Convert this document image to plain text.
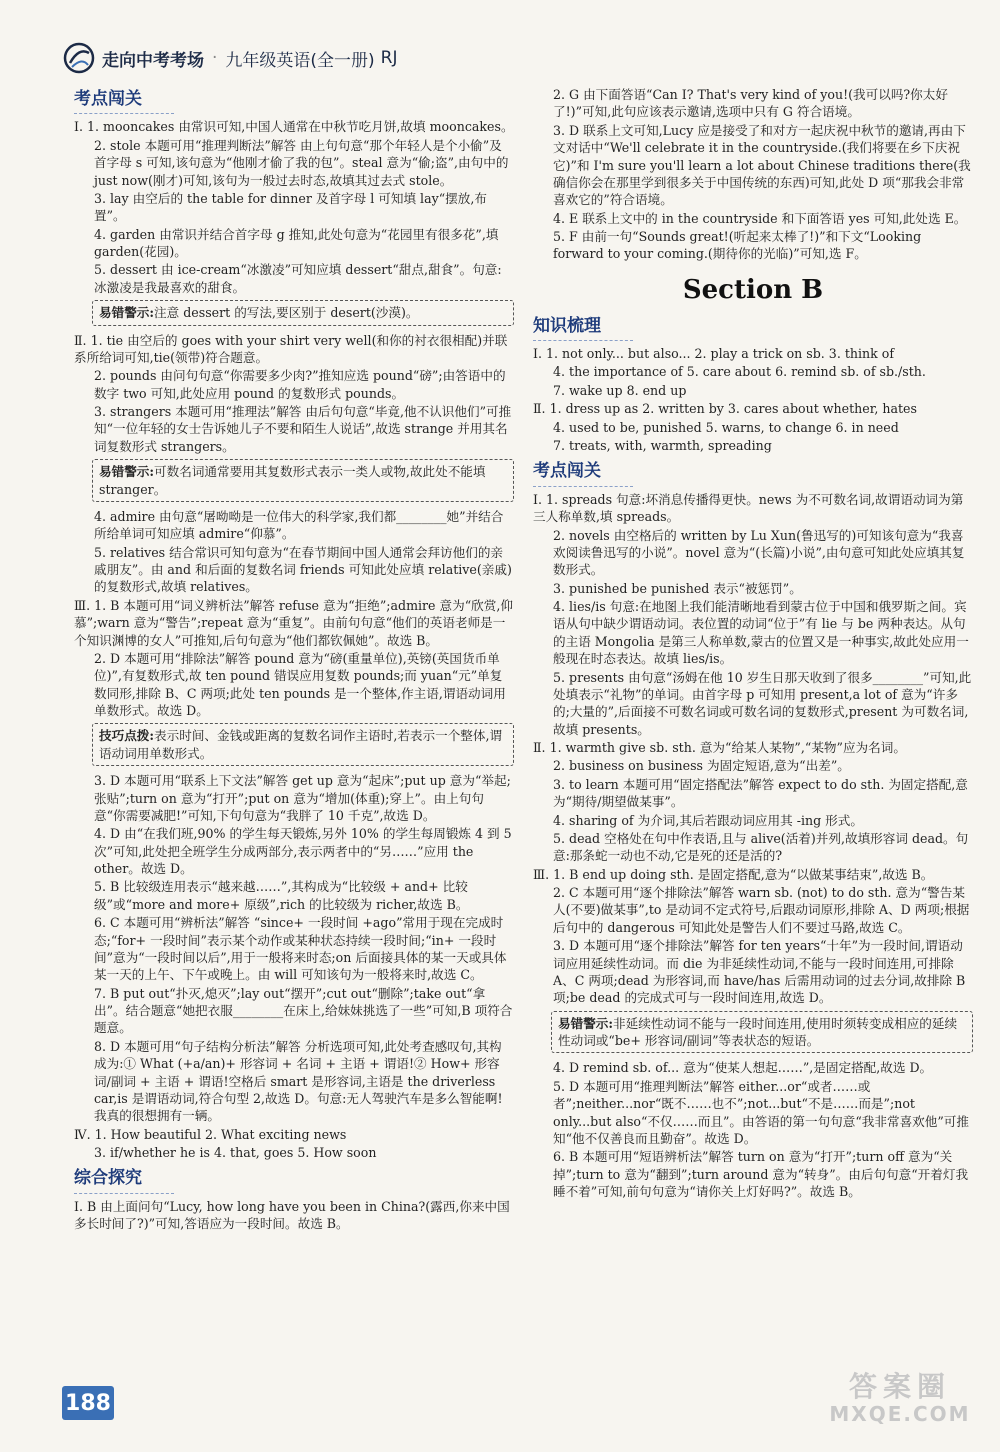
走向中考考场 · 九年级英语(全一册) RJ
考点闯关
Ⅰ. 1. mooncakes 由常识可知,中国人通常在中秋节吃月饼,故填 mooncakes。
2. stole 本题可用“推理判断法”解答 由上句句意“那个年轻人是个小偷”及首字母 s 可知,该句意为“他刚才偷了我的包”。steal 意为“偷;盗”,由句中的 just now(刚才)可知,该句为一般过去时态,故填其过去式 stole。
3. lay 由空后的 the table for dinner 及首字母 l 可知填 lay“摆放,布置”。
4. garden 由常识并结合首字母 g 推知,此处句意为“花园里有很多花”,填 garden(花园)。
5. dessert 由 ice-cream“冰激凌”可知应填 dessert“甜点,甜食”。句意:冰激凌是我最喜欢的甜食。
易错警示:注意 dessert 的写法,要区别于 desert(沙漠)。
Ⅱ. 1. tie 由空后的 goes with your shirt very well(和你的衬衣很相配)并联系所给词可知,tie(领带)符合题意。
2. pounds 由问句句意“你需要多少肉?”推知应选 pound“磅”;由答语中的数字 two 可知,此处应用 pound 的复数形式 pounds。
3. strangers 本题可用“推理法”解答 由后句句意“毕竟,他不认识他们”可推知“一位年轻的女士告诉她儿子不要和陌生人说话”,故选 strange 并用其名词复数形式 strangers。
易错警示:可数名词通常要用其复数形式表示一类人或物,故此处不能填 stranger。
4. admire 由句意“屠呦呦是一位伟大的科学家,我们都________她”并结合所给单词可知应填 admire“仰慕”。
5. relatives 结合常识可知句意为“在春节期间中国人通常会拜访他们的亲戚朋友”。由 and 和后面的复数名词 friends 可知此处应填 relative(亲戚)的复数形式,故填 relatives。
Ⅲ. 1. B 本题可用“词义辨析法”解答 refuse 意为“拒绝”;admire 意为“欣赏,仰慕”;warn 意为“警告”;repeat 意为“重复”。由前句句意“他们的英语老师是一个知识渊博的女人”可推知,后句句意为“他们都钦佩她”。故选 B。
2. D 本题可用“排除法”解答 pound 意为“磅(重量单位),英镑(英国货币单位)”,有复数形式,故 ten pound 错误应用复数 pounds;而 yuan“元”单复数同形,排除 B、C 两项;此处 ten pounds 是一个整体,作主语,谓语动词用单数形式。故选 D。
技巧点拨:表示时间、金钱或距离的复数名词作主语时,若表示一个整体,谓语动词用单数形式。
3. D 本题可用“联系上下文法”解答 get up 意为“起床”;put up 意为“举起;张贴”;turn on 意为“打开”;put on 意为“增加(体重);穿上”。由上句句意“你需要减肥!”可知,下句句意为“我胖了 10 千克”,故选 D。
4. D 由“在我们班,90% 的学生每天锻炼,另外 10% 的学生每周锻炼 4 到 5 次”可知,此处把全班学生分成两部分,表示两者中的“另……”应用 the other。故选 D。
5. B 比较级连用表示“越来越……”,其构成为“比较级 + and+ 比较级”或“more and more+ 原级”,rich 的比较级为 richer,故选 B。
6. C 本题可用“辨析法”解答 “since+ 一段时间 +ago”常用于现在完成时态;“for+ 一段时间”表示某个动作或某种状态持续一段时间;“in+ 一段时间”意为“一段时间以后”,用于一般将来时态;on 后面接具体的某一天或具体某一天的上午、下午或晚上。由 will 可知该句为一般将来时,故选 C。
7. B put out“扑灭,熄灭”;lay out“摆开”;cut out“删除”;take out“拿出”。结合题意“她把衣服________在床上,给妹妹挑选了一些”可知,B 项符合题意。
8. D 本题可用“句子结构分析法”解答 分析选项可知,此处考查感叹句,其构成为:① What (+a/an)+ 形容词 + 名词 + 主语 + 谓语!② How+ 形容词/副词 + 主语 + 谓语!空格后 smart 是形容词,主语是 the driverless car,is 是谓语动词,符合句型 2,故选 D。句意:无人驾驶汽车是多么智能啊!我真的很想拥有一辆。
Ⅳ. 1. How beautiful 2. What exciting news
3. if/whether he is 4. that, goes 5. How soon
综合探究
Ⅰ. B 由上面问句“Lucy, how long have you been in China?(露西,你来中国多长时间了?)”可知,答语应为一段时间。故选 B。
2. G 由下面答语“Can I? That's very kind of you!(我可以吗?你太好了!)”可知,此句应该表示邀请,选项中只有 G 符合语境。
3. D 联系上文可知,Lucy 应是接受了和对方一起庆祝中秋节的邀请,再由下文对话中“We'll celebrate it in the countryside.(我们将要在乡下庆祝它)”和 I'm sure you'll learn a lot about Chinese traditions there(我确信你会在那里学到很多关于中国传统的东西)可知,此处 D 项“那我会非常喜欢它的”符合语境。
4. E 联系上文中的 in the countryside 和下面答语 yes 可知,此处选 E。
5. F 由前一句“Sounds great!(听起来太棒了!)”和下文“Looking forward to your coming.(期待你的光临)”可知,选 F。
Section B
知识梳理
Ⅰ. 1. not only... but also... 2. play a trick on sb. 3. think of
4. the importance of 5. care about 6. remind sb. of sb./sth.
7. wake up 8. end up
Ⅱ. 1. dress up as 2. written by 3. cares about whether, hates
4. used to be, punished 5. warns, to change 6. in need
7. treats, with, warmth, spreading
考点闯关
Ⅰ. 1. spreads 句意:坏消息传播得更快。news 为不可数名词,故谓语动词为第三人称单数,填 spreads。
2. novels 由空格后的 written by Lu Xun(鲁迅写的)可知该句意为“我喜欢阅读鲁迅写的小说”。novel 意为“(长篇)小说”,由句意可知此处应填其复数形式。
3. punished be punished 表示“被惩罚”。
4. lies/is 句意:在地图上我们能清晰地看到蒙古位于中国和俄罗斯之间。宾语从句中缺少谓语动词。表位置的动词“位于”有 lie 与 be 两种表达。从句的主语 Mongolia 是第三人称单数,蒙古的位置又是一种事实,故此处应用一般现在时态表达。故填 lies/is。
5. presents 由句意“汤姆在他 10 岁生日那天收到了很多________”可知,此处填表示“礼物”的单词。由首字母 p 可知用 present,a lot of 意为“许多的;大量的”,后面接不可数名词或可数名词的复数形式,present 为可数名词,故填 presents。
Ⅱ. 1. warmth give sb. sth. 意为“给某人某物”,“某物”应为名词。
2. business on business 为固定短语,意为“出差”。
3. to learn 本题可用“固定搭配法”解答 expect to do sth. 为固定搭配,意为“期待/期望做某事”。
4. sharing of 为介词,其后若跟动词应用其 -ing 形式。
5. dead 空格处在句中作表语,且与 alive(活着)并列,故填形容词 dead。句意:那条蛇一动也不动,它是死的还是活的?
Ⅲ. 1. B end up doing sth. 是固定搭配,意为“以做某事结束”,故选 B。
2. C 本题可用“逐个排除法”解答 warn sb. (not) to do sth. 意为“警告某人(不要)做某事”,to 是动词不定式符号,后跟动词原形,排除 A、D 两项;根据后句中的 dangerous 可知此处是警告人们不要过马路,故选 C。
3. D 本题可用“逐个排除法”解答 for ten years“十年”为一段时间,谓语动词应用延续性动词。而 die 为非延续性动词,不能与一段时间连用,可排除 A、C 两项;dead 为形容词,而 have/has 后需用动词的过去分词,故排除 B 项;be dead 的完成式可与一段时间连用,故选 D。
易错警示:非延续性动词不能与一段时间连用,使用时须转变成相应的延续性动词或“be+ 形容词/副词”等表状态的短语。
4. D remind sb. of... 意为“使某人想起……”,是固定搭配,故选 D。
5. D 本题可用“推理判断法”解答 either...or“或者……或者”;neither...nor“既不……也不”;not...but“不是……而是”;not only...but also“不仅……而且”。由答语的第一句句意“我非常喜欢他”可推知“他不仅善良而且勤奋”。故选 D。
6. B 本题可用“短语辨析法”解答 turn on 意为“打开”;turn off 意为“关掉”;turn to 意为“翻到”;turn around 意为“转身”。由后句句意“开着灯我睡不着”可知,前句句意为“请你关上灯好吗?”。故选 B。
188	答案圈
MXQE.COM
